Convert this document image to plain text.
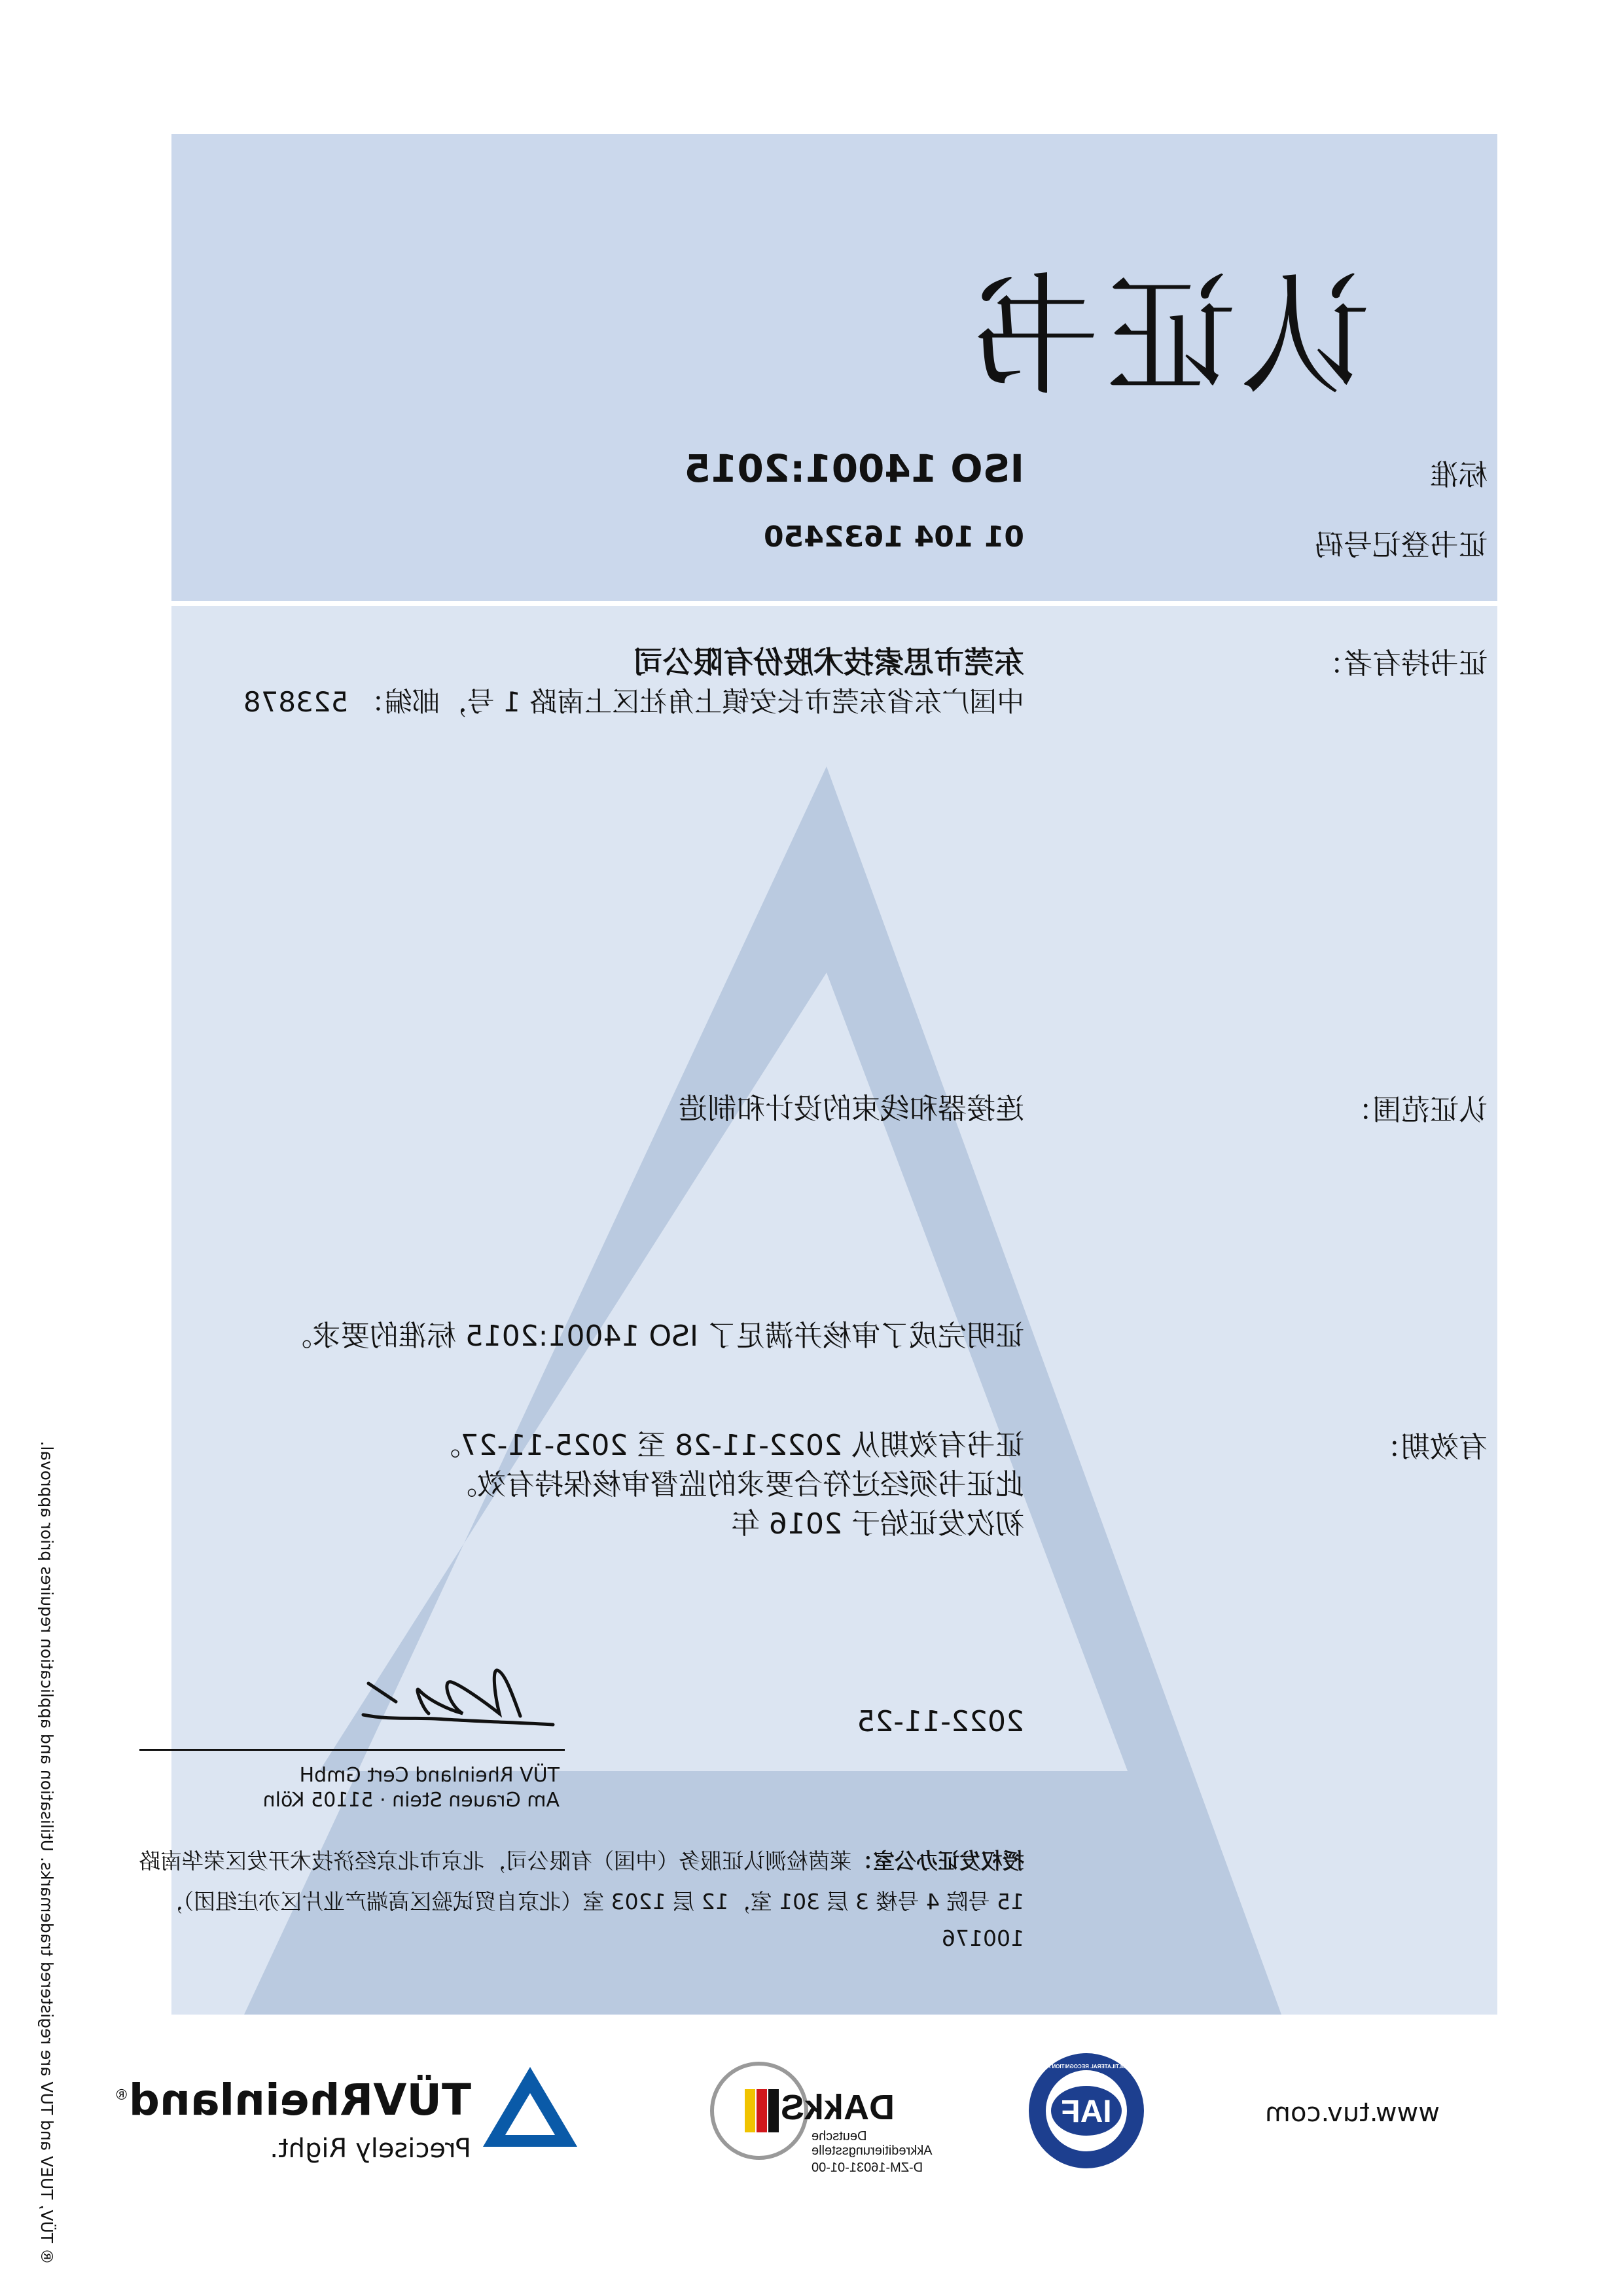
认证书
标准
ISO 14001:2015
证书登记号码
01 104 1632450
证书持有者：
东莞市思索技术股份有限公司
中国广东省东莞市长安镇上角社区上南路 1 号，邮编： 523878
认证范围：
连接器和线束的设计和制造
证明完成了审核并满足了 ISO 14001:2015 标准的要求。
有效期：
证书有效期从 2022-11-28 至 2025-11-27。
此证书须经过符合要求的监督审核保持有效。
初次发证始于 2016 年
2022-11-25
TÜV Rheinland Cert GmbH
Am Grauen Stein · 51105 Köln
授权发证办公室：莱茵检测认证服务（中国）有限公司，北京市北京经济技术开发区荣华南路
15 号院 4 号楼 3 层 301 室，12 层 1203 室（北京自贸试验区高端产业片区亦庄组团），
100176
www.tuv.com
IAF
MEMBER OF MULTILATERAL RECOGNITION ARRANGEMENT
DAkkS
Deutsche
Akkreditierungsstelle
D-ZM-16031-01-00
TÜVRheinland®
Precisely Right.
® TÜV, TUEV and TUV are registered trademarks. Utilisation and application requires prior approval.
